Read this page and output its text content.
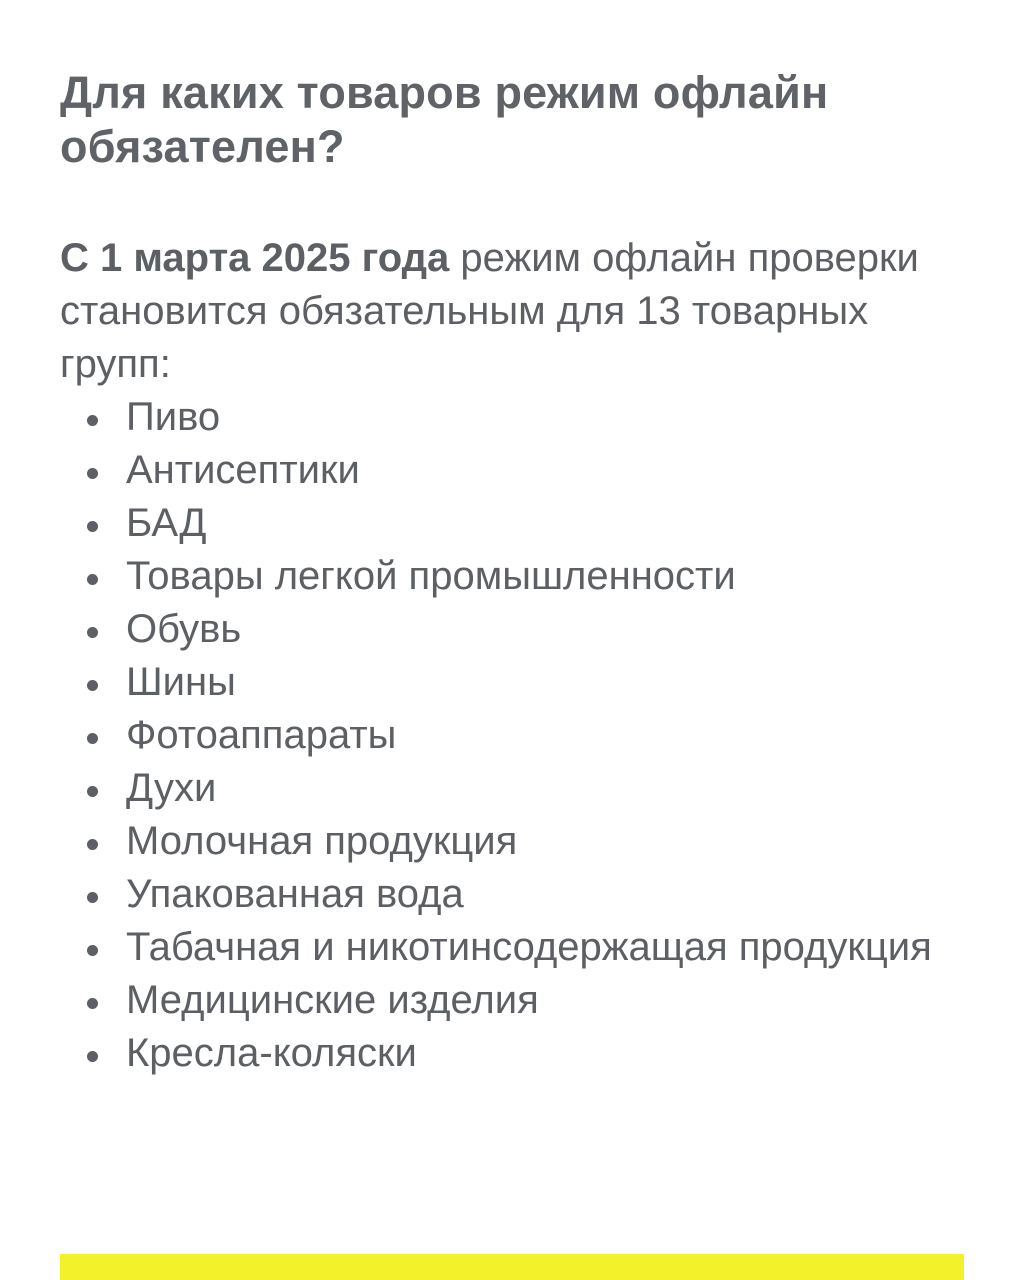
Для каких товаров режим офлайн обязателен?

С 1 марта 2025 года режим офлайн проверки становится обязательным для 13 товарных групп:

Пиво
Антисептики
БАД
Товары легкой промышленности
Обувь
Шины
Фотоаппараты
Духи
Молочная продукция
Упакованная вода
Табачная и никотинсодержащая продукция
Медицинские изделия
Кресла-коляски
